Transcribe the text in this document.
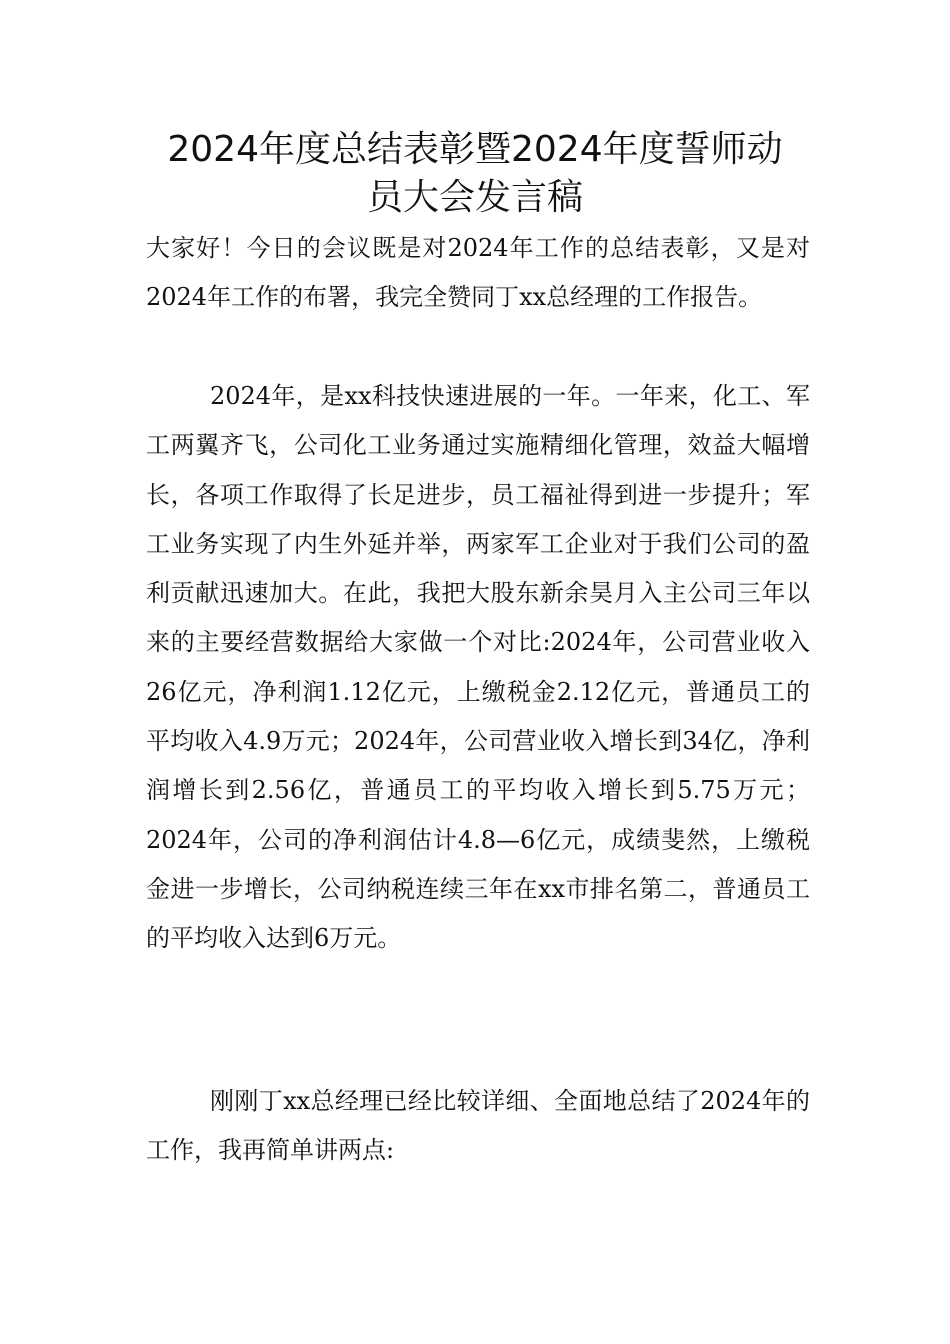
2024年度总结表彰暨2024年度誓师动
员大会发言稿

大家好！今日的会议既是对2024年工作的总结表彰，又是对2024年工作的布署，我完全赞同丁xx总经理的工作报告。

2024年，是xx科技快速进展的一年。一年来，化工、军工两翼齐飞，公司化工业务通过实施精细化管理，效益大幅增长，各项工作取得了长足进步，员工福祉得到进一步提升；军工业务实现了内生外延并举，两家军工企业对于我们公司的盈利贡献迅速加大。在此，我把大股东新余昊月入主公司三年以来的主要经营数据给大家做一个对比:2024年，公司营业收入26亿元，净利润1.12亿元，上缴税金2.12亿元，普通员工的平均收入4.9万元；2024年，公司营业收入增长到34亿，净利润增长到2.56亿，普通员工的平均收入增长到5.75万元；2024年，公司的净利润估计4.8—6亿元，成绩斐然，上缴税金进一步增长，公司纳税连续三年在xx市排名第二，普通员工的平均收入达到6万元。

刚刚丁xx总经理已经比较详细、全面地总结了2024年的工作，我再简单讲两点:
